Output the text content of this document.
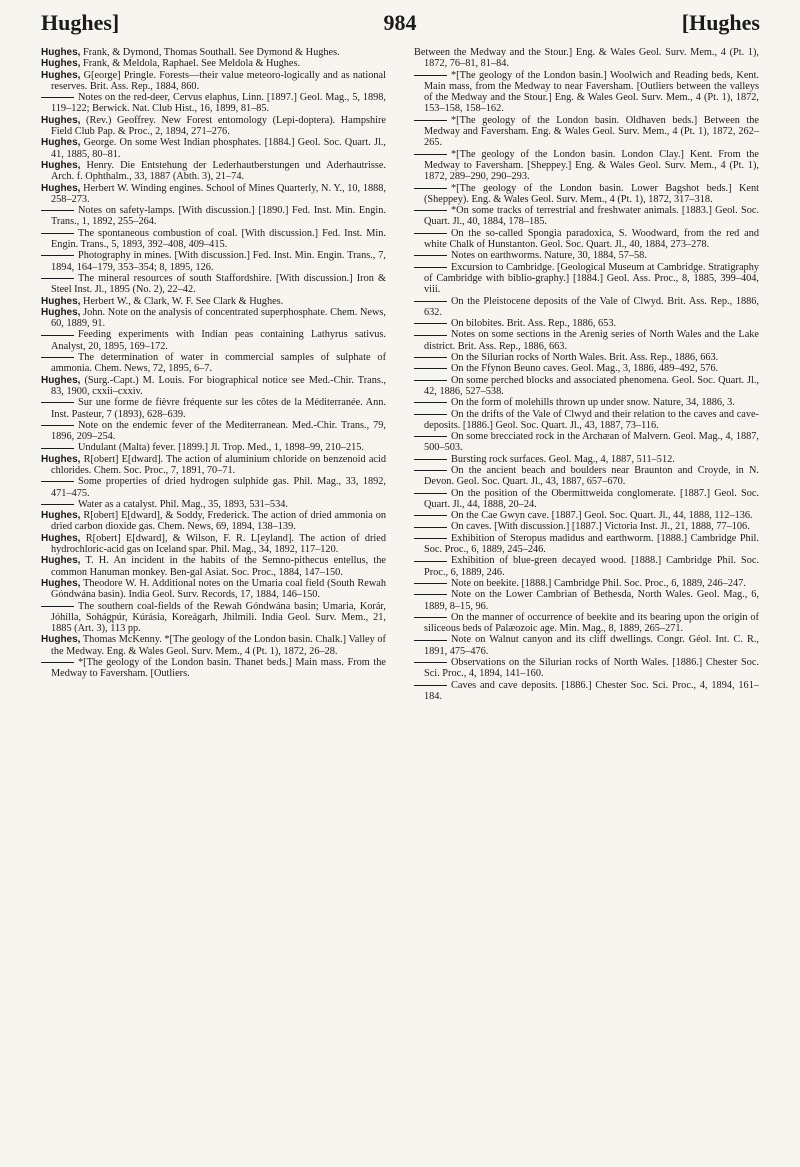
Hughes]	984	[Hughes

Hughes, Frank, & Dymond, Thomas Southall. See Dymond & Hughes.

Hughes, Frank, & Meldola, Raphael. See Meldola & Hughes.

Hughes, G[eorge] Pringle. Forests—their value meteoro-logically and as national reserves. Brit. Ass. Rep., 1884, 860.

Notes on the red-deer, Cervus elaphus, Linn. [1897.] Geol. Mag., 5, 1898, 119–122; Berwick. Nat. Club Hist., 16, 1899, 81–85.

Hughes, (Rev.) Geoffrey. New Forest entomology (Lepi-doptera). Hampshire Field Club Pap. & Proc., 2, 1894, 271–276.

Hughes, George. On some West Indian phosphates. [1884.] Geol. Soc. Quart. Jl., 41, 1885, 80–81.

Hughes, Henry. Die Entstehung der Lederhautberstungen und Aderhautrisse. Arch. f. Ophthalm., 33, 1887 (Abth. 3), 21–74.

Hughes, Herbert W. Winding engines. School of Mines Quarterly, N. Y., 10, 1888, 258–273.

Notes on safety-lamps. [With discussion.] [1890.] Fed. Inst. Min. Engin. Trans., 1, 1892, 255–264.

The spontaneous combustion of coal. [With discussion.] Fed. Inst. Min. Engin. Trans., 5, 1893, 392–408, 409–415.

Photography in mines. [With discussion.] Fed. Inst. Min. Engin. Trans., 7, 1894, 164–179, 353–354; 8, 1895, 126.

The mineral resources of south Staffordshire. [With discussion.] Iron & Steel Inst. Jl., 1895 (No. 2), 22–42.

Hughes, Herbert W., & Clark, W. F. See Clark & Hughes.

Hughes, John. Note on the analysis of concentrated superphosphate. Chem. News, 60, 1889, 91.

Feeding experiments with Indian peas containing Lathyrus sativus. Analyst, 20, 1895, 169–172.

The determination of water in commercial samples of sulphate of ammonia. Chem. News, 72, 1895, 6–7.

Hughes, (Surg.-Capt.) M. Louis. For biographical notice see Med.-Chir. Trans., 83, 1900, cxxii–cxxiv.

Sur une forme de fièvre fréquente sur les côtes de la Méditerranée. Ann. Inst. Pasteur, 7 (1893), 628–639.

Note on the endemic fever of the Mediterranean. Med.-Chir. Trans., 79, 1896, 209–254.

Undulant (Malta) fever. [1899.] Jl. Trop. Med., 1, 1898–99, 210–215.

Hughes, R[obert] E[dward]. The action of aluminium chloride on benzenoid acid chlorides. Chem. Soc. Proc., 7, 1891, 70–71.

Some properties of dried hydrogen sulphide gas. Phil. Mag., 33, 1892, 471–475.

Water as a catalyst. Phil. Mag., 35, 1893, 531–534.

Hughes, R[obert] E[dward], & Soddy, Frederick. The action of dried ammonia on dried carbon dioxide gas. Chem. News, 69, 1894, 138–139.

Hughes, R[obert] E[dward], & Wilson, F. R. L[eyland]. The action of dried hydrochloric-acid gas on Iceland spar. Phil. Mag., 34, 1892, 117–120.

Hughes, T. H. An incident in the habits of the Semno-pithecus entellus, the common Hanuman monkey. Ben-gal Asiat. Soc. Proc., 1884, 147–150.

Hughes, Theodore W. H. Additional notes on the Umaria coal field (South Rewah Góndwána basin). India Geol. Surv. Records, 17, 1884, 146–150.

The southern coal-fields of the Rewah Góndwána basin; Umaria, Korár, Jóhilla, Sohágpúr, Kúrásia, Koreágarh, Jhilmili. India Geol. Surv. Mem., 21, 1885 (Art. 3), 113 pp.

Hughes, Thomas McKenny. *[The geology of the London basin. Chalk.] Valley of the Medway. Eng. & Wales Geol. Surv. Mem., 4 (Pt. 1), 1872, 26–28.

*[The geology of the London basin. Thanet beds.] Main mass. From the Medway to Faversham. [Outliers.

Between the Medway and the Stour.] Eng. & Wales Geol. Surv. Mem., 4 (Pt. 1), 1872, 76–81, 81–84.

*[The geology of the London basin.] Woolwich and Reading beds, Kent. Main mass, from the Medway to near Faversham. [Outliers between the valleys of the Medway and the Stour.] Eng. & Wales Geol. Surv. Mem., 4 (Pt. 1), 1872, 153–158, 158–162.

*[The geology of the London basin. Oldhaven beds.] Between the Medway and Faversham. Eng. & Wales Geol. Surv. Mem., 4 (Pt. 1), 1872, 262–265.

*[The geology of the London basin. London Clay.] Kent. From the Medway to Faversham. [Sheppey.] Eng. & Wales Geol. Surv. Mem., 4 (Pt. 1), 1872, 289–290, 290–293.

*[The geology of the London basin. Lower Bagshot beds.] Kent (Sheppey). Eng. & Wales Geol. Surv. Mem., 4 (Pt. 1), 1872, 317–318.

*On some tracks of terrestrial and freshwater animals. [1883.] Geol. Soc. Quart. Jl., 40, 1884, 178–185.

On the so-called Spongia paradoxica, S. Woodward, from the red and white Chalk of Hunstanton. Geol. Soc. Quart. Jl., 40, 1884, 273–278.

Notes on earthworms. Nature, 30, 1884, 57–58.

Excursion to Cambridge. [Geological Museum at Cambridge. Stratigraphy of Cambridge with biblio-graphy.] [1884.] Geol. Ass. Proc., 8, 1885, 399–404, viii.

On the Pleistocene deposits of the Vale of Clwyd. Brit. Ass. Rep., 1886, 632.

On bilobites. Brit. Ass. Rep., 1886, 653.

Notes on some sections in the Arenig series of North Wales and the Lake district. Brit. Ass. Rep., 1886, 663.

On the Silurian rocks of North Wales. Brit. Ass. Rep., 1886, 663.

On the Ffynon Beuno caves. Geol. Mag., 3, 1886, 489–492, 576.

On some perched blocks and associated phenomena. Geol. Soc. Quart. Jl., 42, 1886, 527–538.

On the form of molehills thrown up under snow. Nature, 34, 1886, 3.

On the drifts of the Vale of Clwyd and their relation to the caves and cave-deposits. [1886.] Geol. Soc. Quart. Jl., 43, 1887, 73–116.

On some brecciated rock in the Archæan of Malvern. Geol. Mag., 4, 1887, 500–503.

Bursting rock surfaces. Geol. Mag., 4, 1887, 511–512.

On the ancient beach and boulders near Braunton and Croyde, in N. Devon. Geol. Soc. Quart. Jl., 43, 1887, 657–670.

On the position of the Obermittweida conglomerate. [1887.] Geol. Soc. Quart. Jl., 44, 1888, 20–24.

On the Cae Gwyn cave. [1887.] Geol. Soc. Quart. Jl., 44, 1888, 112–136.

On caves. [With discussion.] [1887.] Victoria Inst. Jl., 21, 1888, 77–106.

Exhibition of Steropus madidus and earthworm. [1888.] Cambridge Phil. Soc. Proc., 6, 1889, 245–246.

Exhibition of blue-green decayed wood. [1888.] Cambridge Phil. Soc. Proc., 6, 1889, 246.

Note on beekite. [1888.] Cambridge Phil. Soc. Proc., 6, 1889, 246–247.

Note on the Lower Cambrian of Bethesda, North Wales. Geol. Mag., 6, 1889, 8–15, 96.

On the manner of occurrence of beekite and its bearing upon the origin of siliceous beds of Palæozoic age. Min. Mag., 8, 1889, 265–271.

Note on Walnut canyon and its cliff dwellings. Congr. Géol. Int. C. R., 1891, 475–476.

Observations on the Silurian rocks of North Wales. [1886.] Chester Soc. Sci. Proc., 4, 1894, 141–160.

Caves and cave deposits. [1886.] Chester Soc. Sci. Proc., 4, 1894, 161–184.
